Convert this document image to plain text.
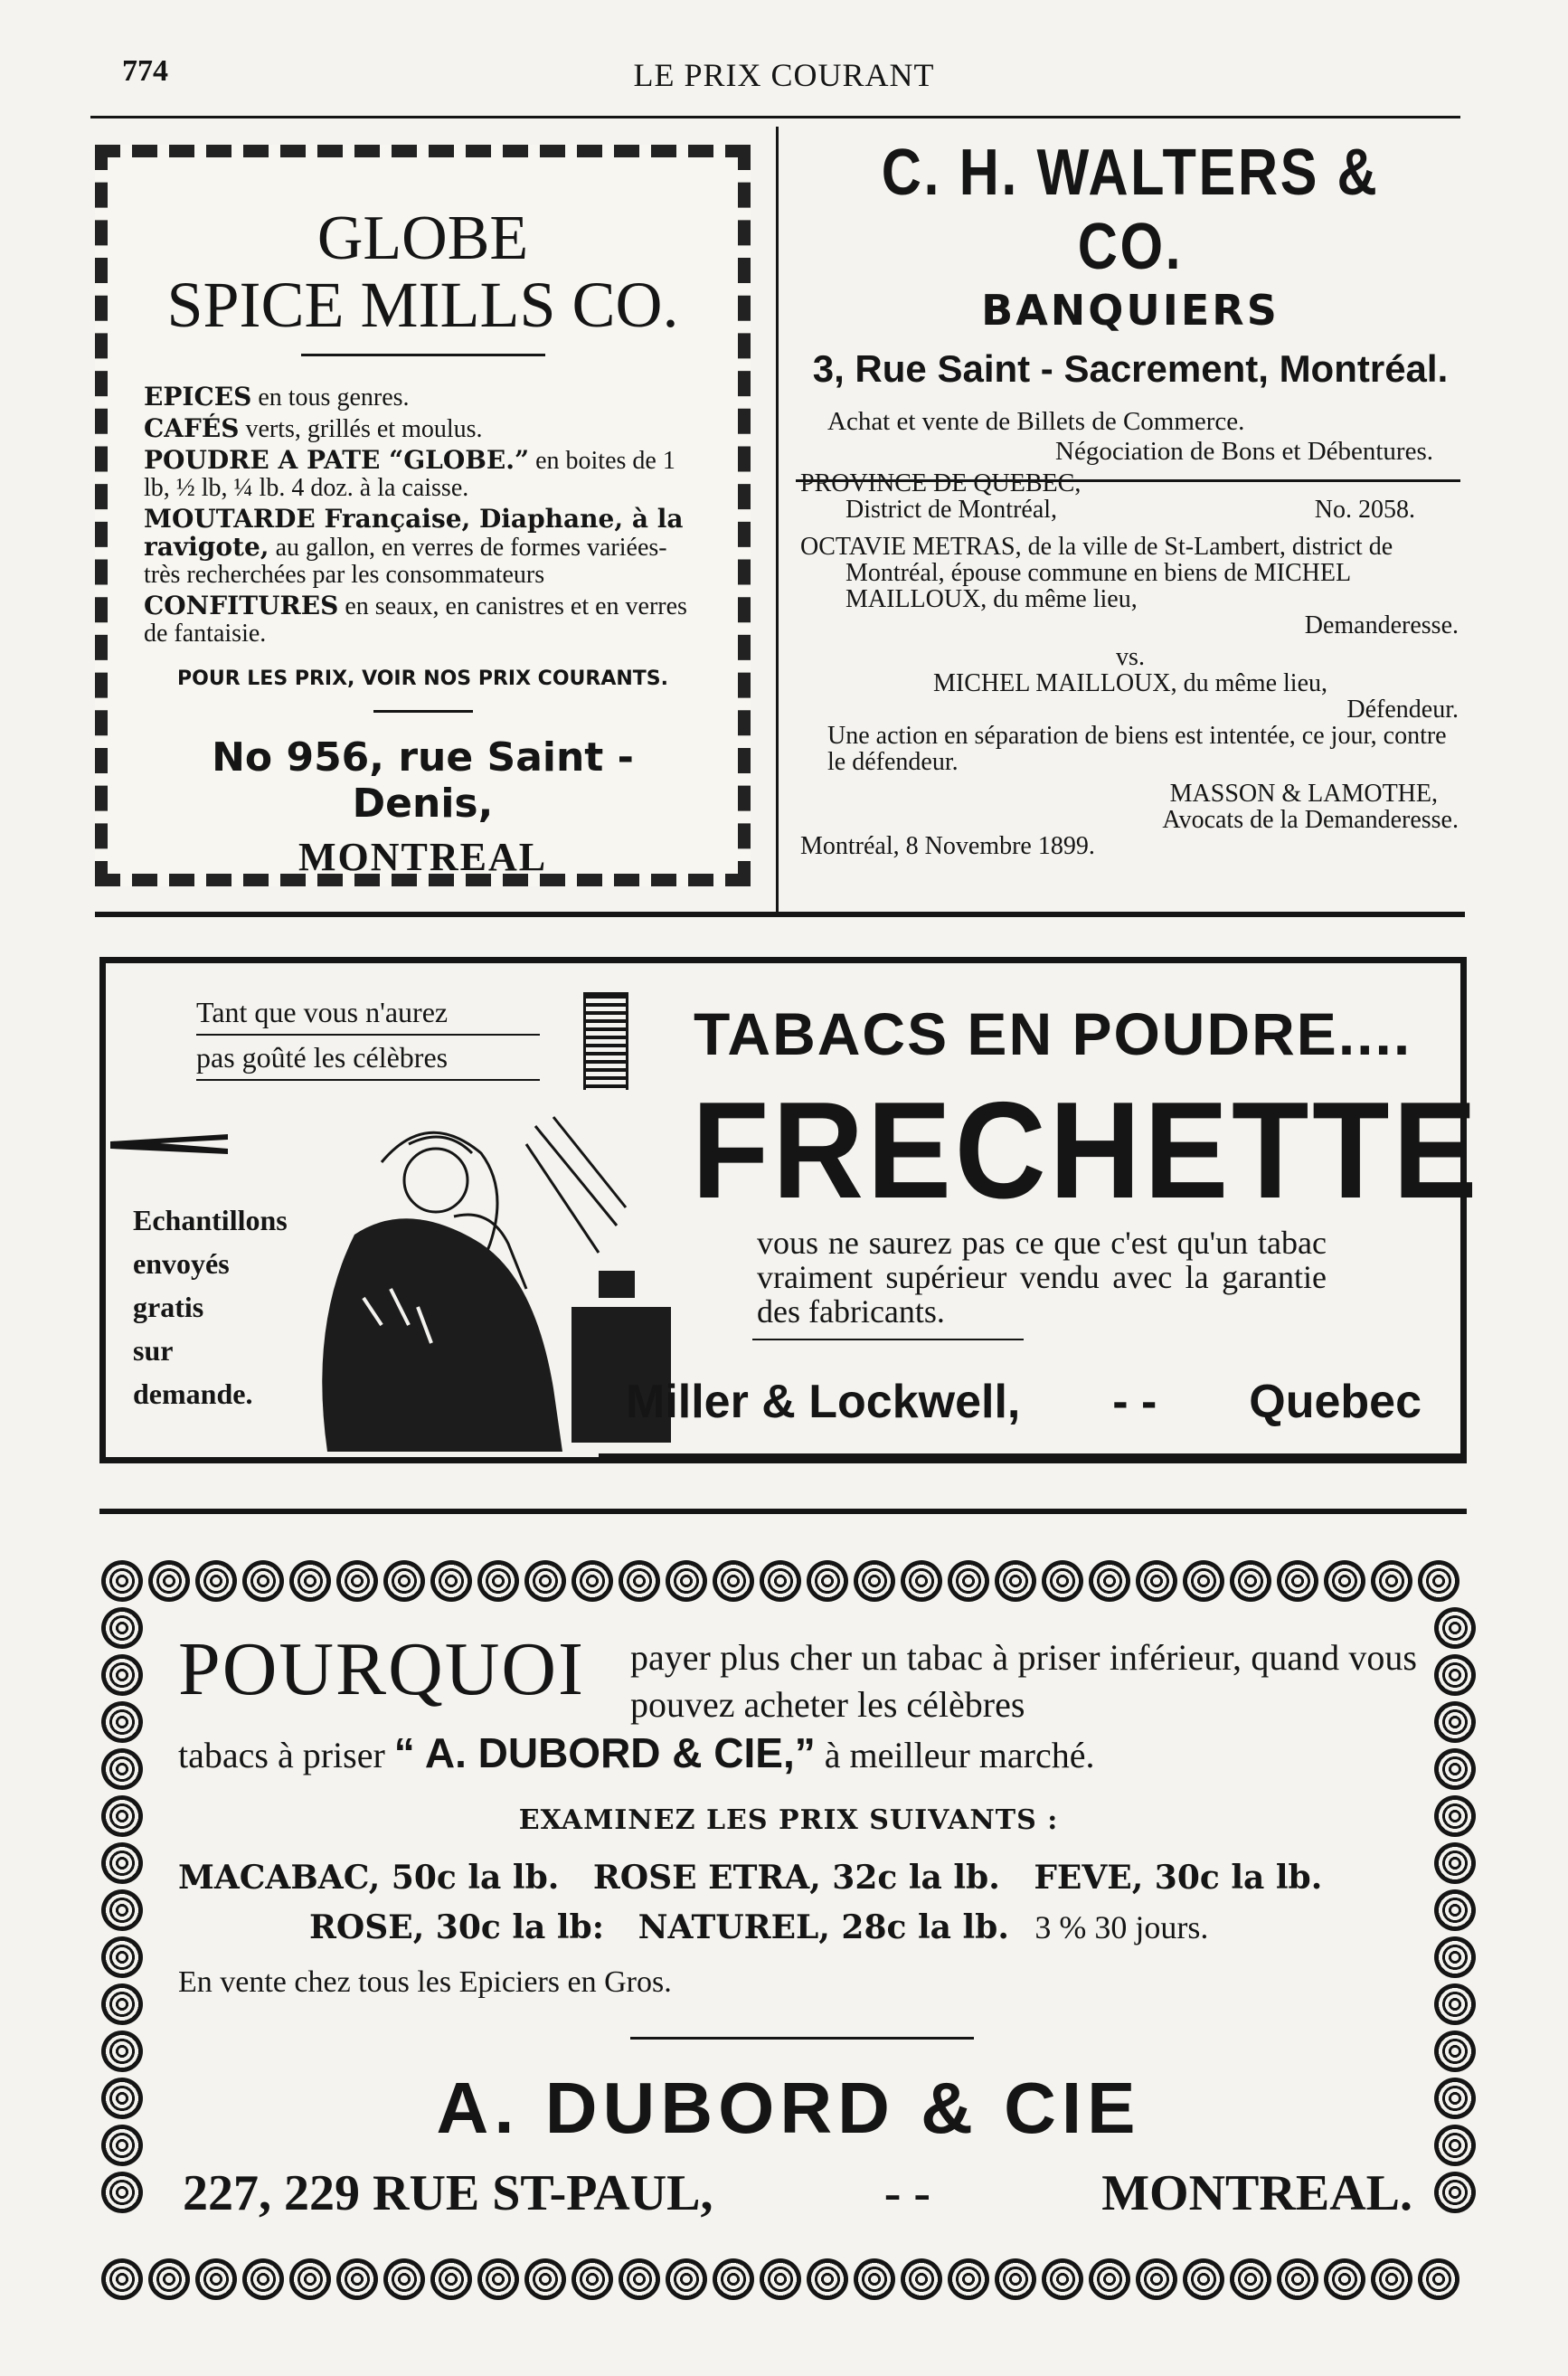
774	LE PRIX COURANT
GLOBE
SPICE MILLS CO.

EPICES en tous genres.

CAFÉS verts, grillés et moulus.

POUDRE A PATE “GLOBE.” en boites de 1 lb, ½ lb, ¼ lb. 4 doz. à la caisse.

MOUTARDE Française, Diaphane, à la ravigote, au gallon, en verres de formes variées-très recherchées par les consommateurs

CONFITURES en seaux, en canistres et en verres de fantaisie.

POUR LES PRIX, VOIR NOS PRIX COURANTS.
No 956, rue Saint - Denis,
MONTREAL
C. H. WALTERS & CO.
BANQUIERS
3, Rue Saint - Sacrement, Montréal.
Achat et vente de Billets de Commerce.
Négociation de Bons et Débentures.

PROVINCE DE QUEBEC,

District de Montréal,	No. 2058.

OCTAVIE METRAS, de la ville de St-Lambert, district de Montréal, épouse commune en biens de MICHEL MAILLOUX, du même lieu,

Demanderesse.

vs.

MICHEL MAILLOUX, du même lieu,

Défendeur.

Une action en séparation de biens est intentée, ce jour, contre le défendeur.

MASSON & LAMOTHE,

Avocats de la Demanderesse.

Montréal, 8 Novembre 1899.

Tant que vous n'aurez
pas goûté les célèbres
Echantillons
envoyés
gratis
sur
demande.
TABACS EN POUDRE....
FRECHETTE
vous ne saurez pas ce que c'est qu'un tabac vraiment supérieur vendu avec la garantie des fabricants.
Miller & Lockwell, - - Quebec
POURQUOI payer plus cher un tabac à priser inférieur, quand vous pouvez acheter les célèbres
tabacs à priser “ A. DUBORD & CIE,” à meilleur marché.
EXAMINEZ LES PRIX SUIVANTS :
MACABAC, 50c la lb.   ROSE ETRA, 32c la lb.   FEVE, 30c la lb.
ROSE, 30c la lb:   NATUREL, 28c la lb. 3 % 30 jours.
En vente chez tous les Epiciers en Gros.
A. DUBORD & CIE
227, 229 RUE ST-PAUL,	- -	MONTREAL.
